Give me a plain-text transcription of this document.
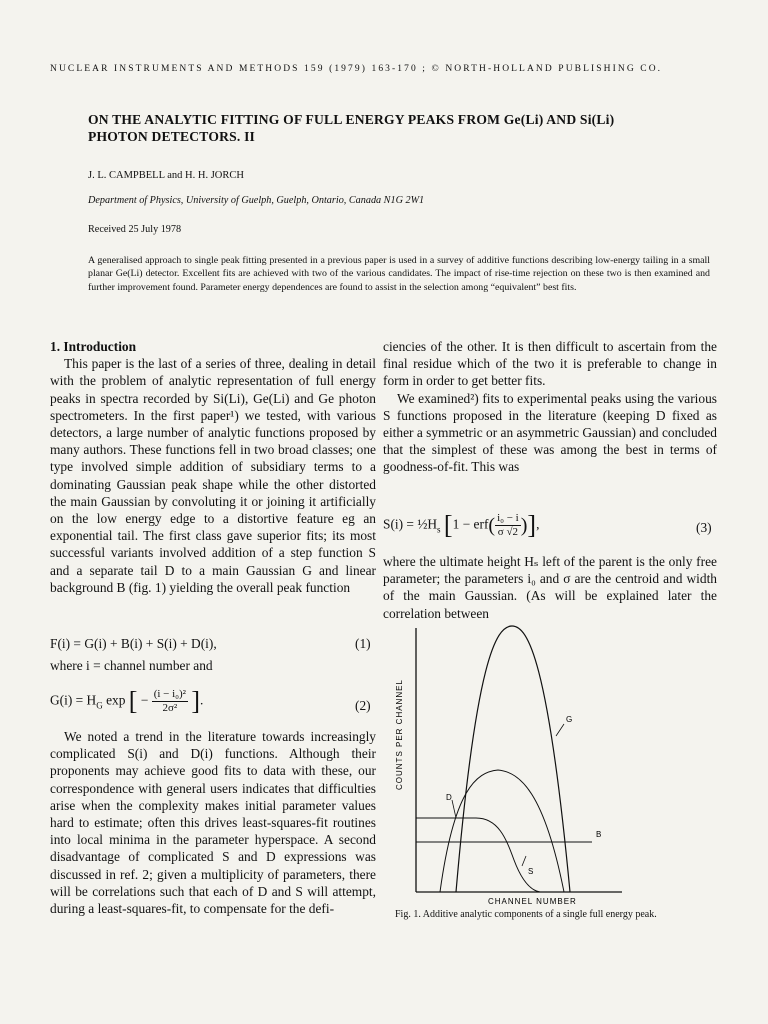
NUCLEAR INSTRUMENTS AND METHODS 159 (1979) 163-170 ; © NORTH-HOLLAND PUBLISHING CO.
ON THE ANALYTIC FITTING OF FULL ENERGY PEAKS FROM Ge(Li) AND Si(Li) PHOTON DETECTORS. II
J. L. CAMPBELL and H. H. JORCH
Department of Physics, University of Guelph, Guelph, Ontario, Canada N1G 2W1
Received 25 July 1978
A generalised approach to single peak fitting presented in a previous paper is used in a survey of additive functions describing low-energy tailing in a small planar Ge(Li) detector. Excellent fits are achieved with two of the various candidates. The impact of rise-time rejection on these two is then examined and further improvement found. Parameter energy dependences are found to assist in the selection among “equivalent” best fits.

1. Introduction

This paper is the last of a series of three, dealing in detail with the problem of analytic representation of full energy peaks in spectra recorded by Si(Li), Ge(Li) and Ge photon spectrometers. In the first paper¹) we tested, with various detectors, a large number of analytic functions proposed by many authors. These functions fell in two broad classes; one type involved simple addition of subsidiary terms to a dominating Gaussian peak shape while the other distorted the main Gaussian by convoluting it or joining it artificially on the low energy edge to a distortive feature eg an exponential tail. The first class gave superior fits; its most successful variants involved addition of a step function S and a separate tail D to a main Gaussian G and linear background B (fig. 1) yielding the overall peak function

F(i) = G(i) + B(i) + S(i) + D(i),	(1)
where i = channel number and
$G(i) = H_G$ exp [ − $\frac{\text{(i − i₀)²}}{\text{2σ²}}$ ].	(2)

We noted a trend in the literature towards increasingly complicated S(i) and D(i) functions. Although their proponents may achieve good fits to data with these, our correspondence with general users indicates that difficulties arise when the complexity makes initial parameter values hard to estimate; often this drives least-squares-fit routines into local minima in the parameter hyperspace. A second disadvantage of complicated S and D expressions was discussed in ref. 2; given a multiplicity of parameters, there will be correlations such that each of D and S will attempt, during a least-squares-fit, to compensate for the defi-

ciencies of the other. It is then difficult to ascertain from the final residue which of the two it is preferable to change in form in order to get better fits.

We examined²) fits to experimental peaks using the various S functions proposed in the literature (keeping D fixed as either a symmetric or an asymmetric Gaussian) and concluded that the simplest of these was among the best in terms of goodness-of-fit. This was

$S(i) = \frac{1}{2}H_s$ [$1 - erf( \frac{\text{i₀ − i}}{\sigma √2}$ )],	(3)

where the ultimate height Hₛ left of the parent is the only free parameter; the parameters i₀ and σ are the centroid and width of the main Gaussian. (As will be explained later the correlation between

G
D
B
S
CHANNEL NUMBER
COUNTS PER CHANNEL
Fig. 1. Additive analytic components of a single full energy peak.
